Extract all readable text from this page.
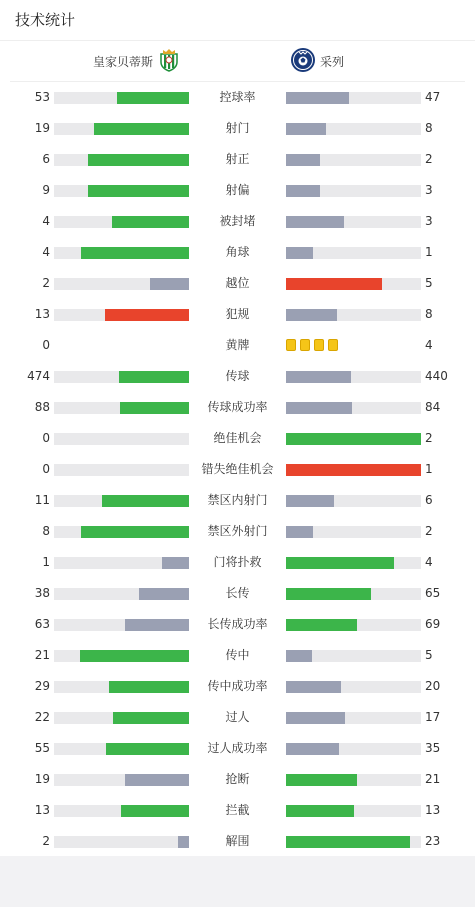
技术统计
皇家贝蒂斯	采列
53	控球率	47
19	射门	8
6	射正	2
9	射偏	3
4	被封堵	3
4	角球	1
2	越位	5
13	犯规	8
0	黄牌	4
474	传球	440
88	传球成功率	84
0	绝佳机会	2
0	错失绝佳机会	1
11	禁区内射门	6
8	禁区外射门	2
1	门将扑救	4
38	长传	65
63	长传成功率	69
21	传中	5
29	传中成功率	20
22	过人	17
55	过人成功率	35
19	抢断	21
13	拦截	13
2	解围	23
